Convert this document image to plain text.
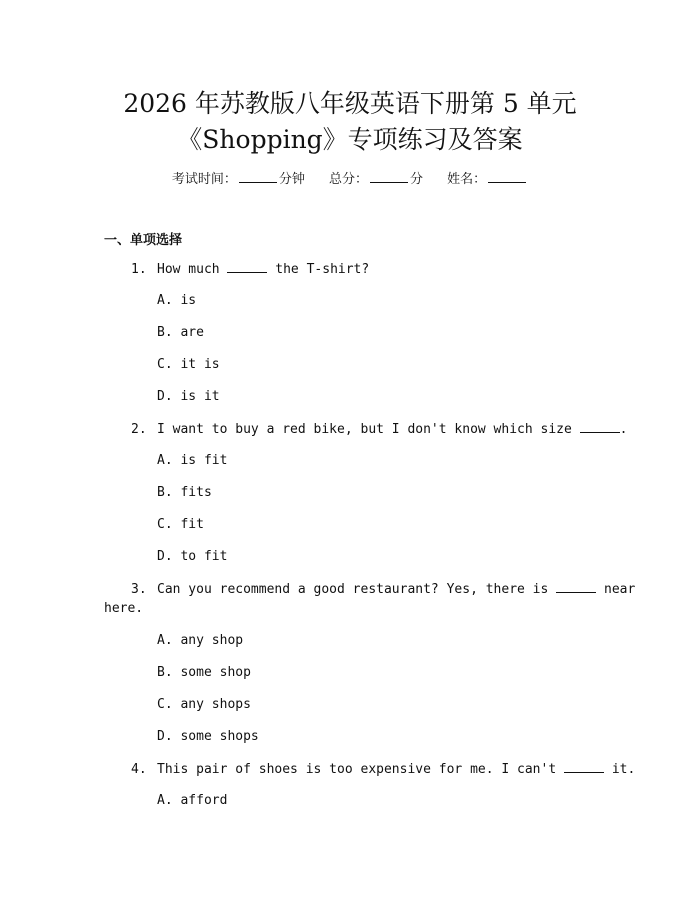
2026 年苏教版八年级英语下册第 5 单元
《Shopping》专项练习及答案
考试时间：	分钟 总分：	分 姓名：
一、单项选择
1. How much	the T-shirt?
A. is
B. are
C. it is
D. is it
2. I want to buy a red bike, but I don't know which size	.
A. is fit
B. fits
C. fit
D. to fit
3. Can you recommend a good restaurant? Yes, there is	near
here.
A. any shop
B. some shop
C. any shops
D. some shops
4. This pair of shoes is too expensive for me. I can't	it.
A. afford
